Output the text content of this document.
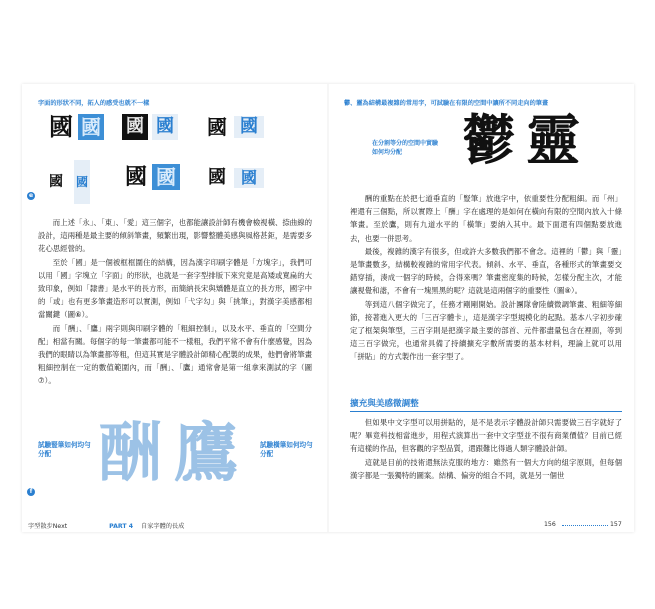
字面的形狀不同，拓人的感受也就不一樣
國 國 國 國 國 國
e
國 國 國 國	國 國

而上述「永」、「東」、「愛」這三個字，也都能讓設計師有機會檢視橫、捺曲線的設計，這兩種是最主要的傾斜筆畫，頻繁出現，影響整體美感與風格甚鉅，是需要多花心思經營的。

至於「國」是一個被框框圍住的結構，因為漢字印刷字體是「方塊字」，我們可以用「國」字塊立「字面」的形狀，也就是一套字型排版下來究竟是高矮或寬扁的大致印象，例如「隸書」是水平的長方形，而簡納長宋與矯體是直立的長方形，國字中的「或」也有更多筆畫造形可以實測，例如「弋字勾」與「挑筆」，對漢字美感都相當關鍵（圖⑥）。

而「酬」、「鷹」兩字則與印刷字體的「粗細控制」，以及水平、垂直的「空間分配」相當有關。每個字的每一筆畫都可能不一樣粗，我們平常不會有什麼感覺，因為我們的眼睛以為筆畫都等粗，但這其實是字體設計師精心配製的成果，他們會將筆畫粗細控制在一定的數值範圍內，而「酬」、「鷹」通常會是第一組拿來測試的字（圖⑦）。

試驗豎筆如何均勻分配 酬 鷹	試驗橫筆如何均勻分配
f
字型散步Next	PART 4 自家字體的長成
鬱、靈為結構最複雜的常用字，可試驗在有限的空間中讓所不同走向的筆畫
在分割等分的空間中實驗如何均分配	鬱 靈

酬的重點在於把七道垂直的「豎筆」放進字中，依重要性分配粗細。而「州」裡還有三個點，所以實際上「酬」字在處理的是如何在橫向有限的空間內放入十條筆畫。至於鷹，則有九道水平的「橫筆」要納入其中。最下面還有四個點要放進去，也要一併思考。

最後，複雜的漢字有很多，但或許大多數我們都不會念。這裡的「鬱」與「靈」是筆畫數多，結構較複雜的常用字代表。傾斜、水平、垂直，各種形式的筆畫要交錯穿插，湊成一個字的時候，合得來嗎？筆畫密度集的時候，怎樣分配主次，才能讓視覺和諧，不會有一塊黑黑的呢？這就是這兩個字的重要性（圖⑧）。

等到這八個字做完了，任務才剛剛開始。設計團隊會陸續微調筆畫、粗細等細節，接著進入更大的「三百字體卡」，這是漢字字型規模化的起點。基本八字初步確定了框架與筆型，三百字則是把漢字最主要的部首、元件都盡量包含在裡面，等到這三百字做完，也通常具備了持續擴充字數所需要的基本材料，理論上就可以用「拼貼」的方式製作出一套字型了。

擴充與美感微調整

但如果中文字型可以用拼貼的，是不是表示字體設計師只需要做三百字就好了呢？畢竟科技相當進步，用程式演算出一套中文字型並不很有商業價值？目前已經有這樣的作品，但客觀的字型品質，還跟難比得過人類字體設計師。

這就是目前的技術還無法克服的地方：雖然有一個大方向的組字原則，但每個漢字都是一張獨特的圖案。結構、偏旁的組合不同，就是另一個世

156	157
